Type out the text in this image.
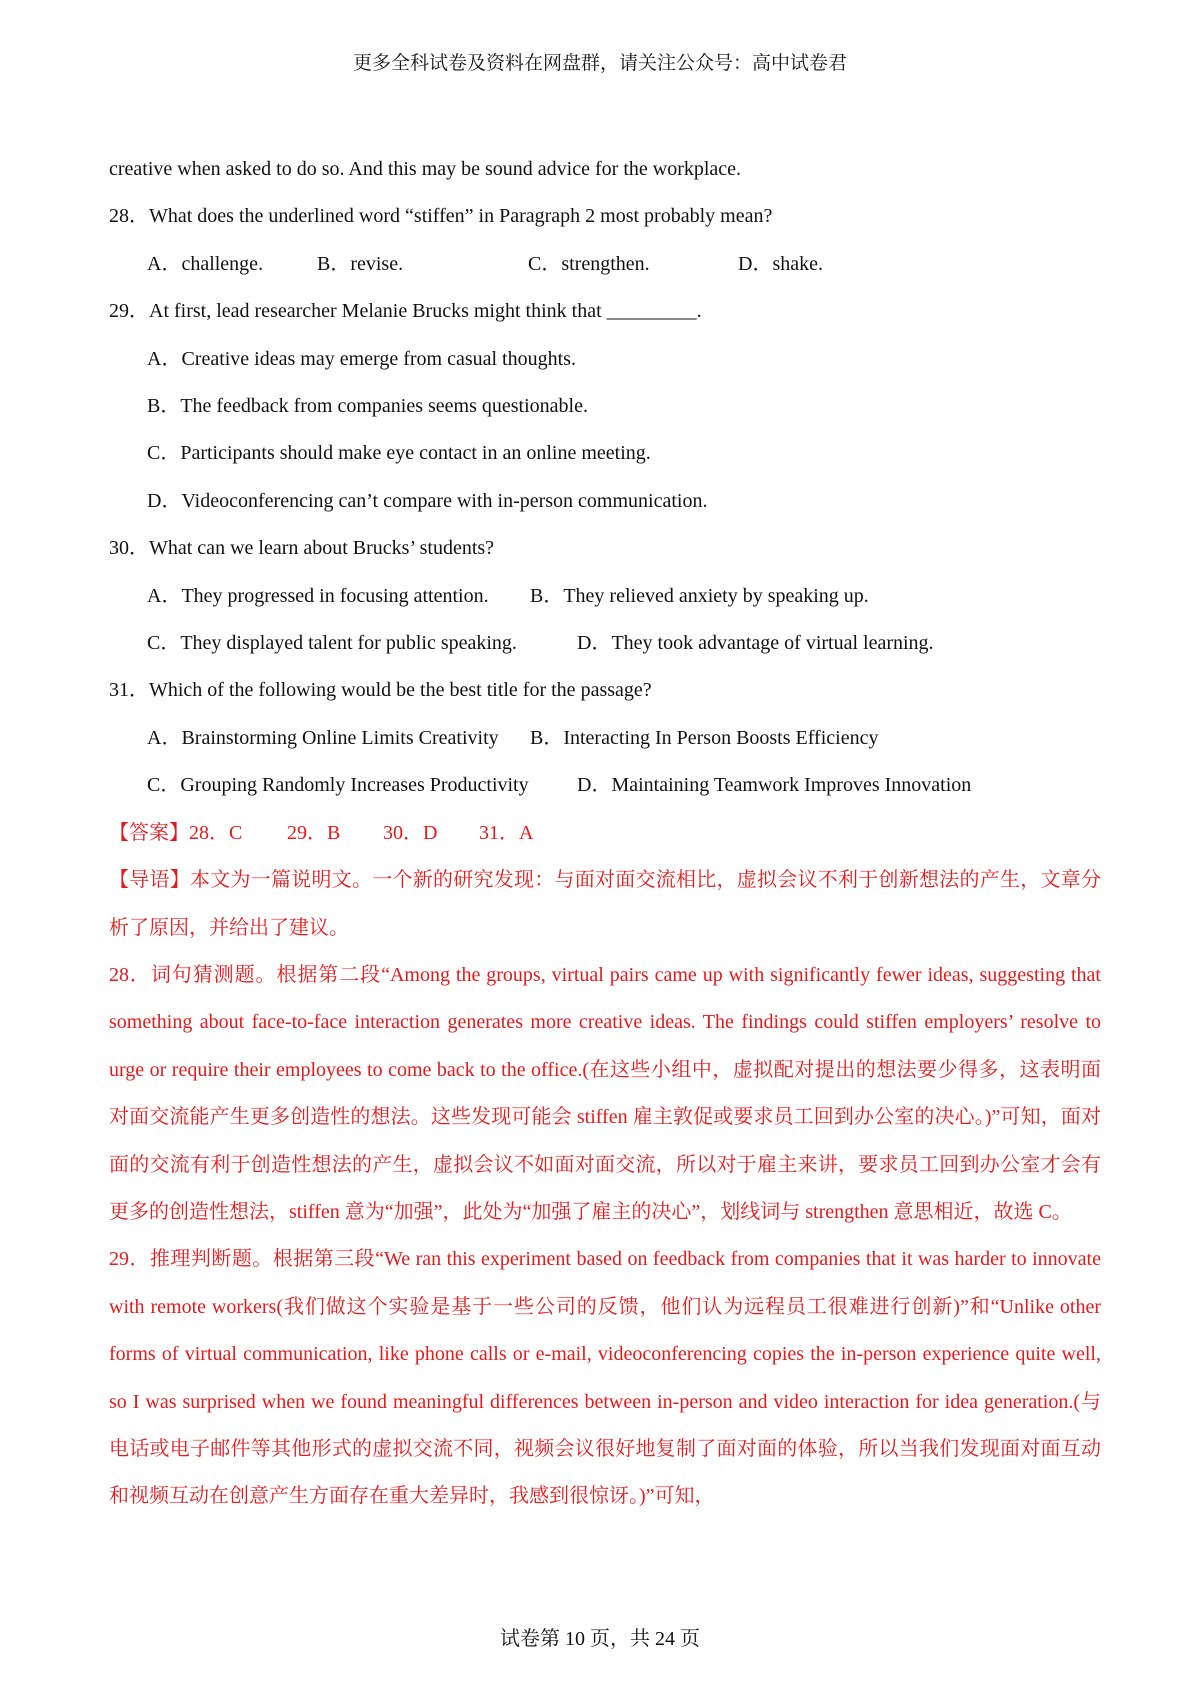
更多全科试卷及资料在网盘群，请关注公众号：高中试卷君
creative when asked to do so. And this may be sound advice for the workplace.
28．What does the underlined word “stiffen” in Paragraph 2 most probably mean?
A．challenge.	B．revise.	C．strengthen.	D．shake.
29．At first, lead researcher Melanie Brucks might think that _________.
A．Creative ideas may emerge from casual thoughts.
B．The feedback from companies seems questionable.
C．Participants should make eye contact in an online meeting.
D．Videoconferencing can’t compare with in-person communication.
30．What can we learn about Brucks’ students?
A．They progressed in focusing attention.	B．They relieved anxiety by speaking up.
C．They displayed talent for public speaking.	D．They took advantage of virtual learning.
31．Which of the following would be the best title for the passage?
A．Brainstorming Online Limits Creativity	B．Interacting In Person Boosts Efficiency
C．Grouping Randomly Increases Productivity	D．Maintaining Teamwork Improves Innovation
【答案】28．C 29．B 30．D 31．A
【导语】本文为一篇说明文。一个新的研究发现：与面对面交流相比，虚拟会议不利于创新想法的产生，文章分析了原因，并给出了建议。
28．词句猜测题。根据第二段“Among the groups, virtual pairs came up with significantly fewer ideas, suggesting that something about face-to-face interaction generates more creative ideas. The findings could stiffen employers’ resolve to urge or require their employees to come back to the office.(在这些小组中，虚拟配对提出的想法要少得多，这表明面对面交流能产生更多创造性的想法。这些发现可能会 stiffen 雇主敦促或要求员工回到办公室的决心。)”可知，面对面的交流有利于创造性想法的产生，虚拟会议不如面对面交流，所以对于雇主来讲，要求员工回到办公室才会有更多的创造性想法，stiffen 意为“加强”，此处为“加强了雇主的决心”，划线词与 strengthen 意思相近，故选 C。
29．推理判断题。根据第三段“We ran this experiment based on feedback from companies that it was harder to innovate with remote workers(我们做这个实验是基于一些公司的反馈，他们认为远程员工很难进行创新)”和“Unlike other forms of virtual communication, like phone calls or e-mail, videoconferencing copies the in-person experience quite well, so I was surprised when we found meaningful differences between in-person and video interaction for idea generation.(与电话或电子邮件等其他形式的虚拟交流不同，视频会议很好地复制了面对面的体验，所以当我们发现面对面互动和视频互动在创意产生方面存在重大差异时，我感到很惊讶。)”可知，
试卷第 10 页，共 24 页
